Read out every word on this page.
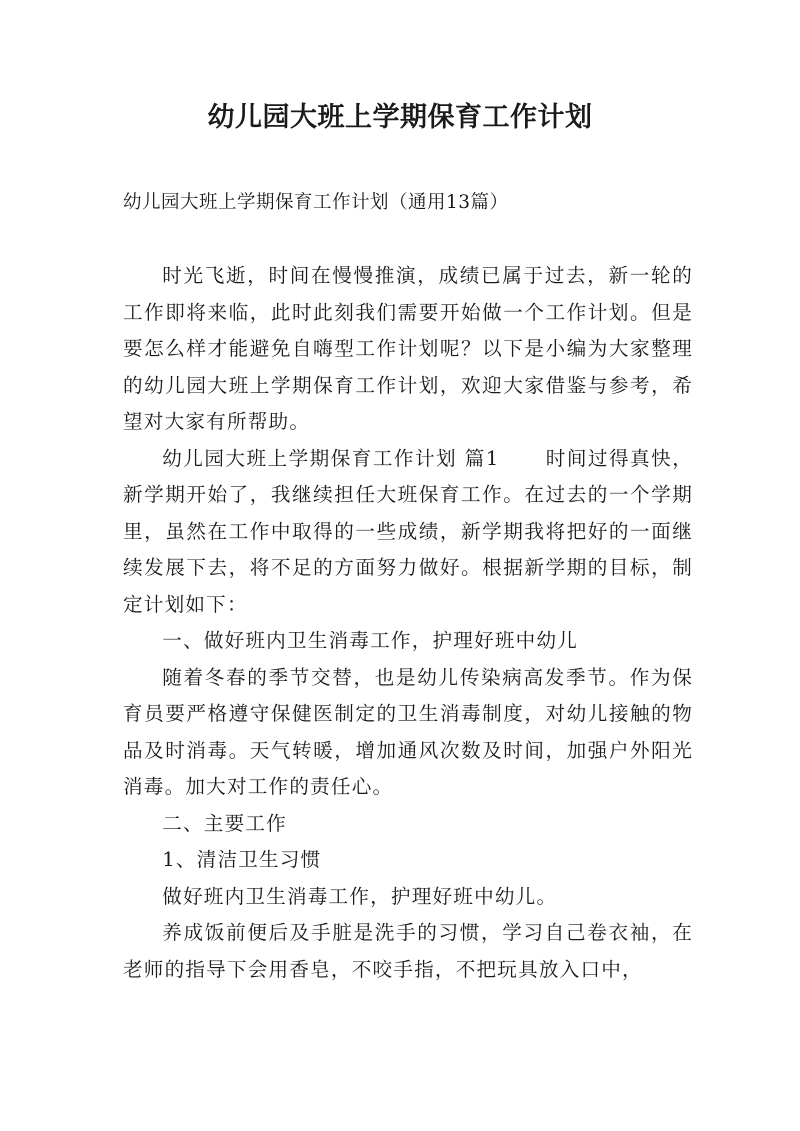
幼儿园大班上学期保育工作计划
幼儿园大班上学期保育工作计划（通用13篇）

时光飞逝，时间在慢慢推演，成绩已属于过去，新一轮的工作即将来临，此时此刻我们需要开始做一个工作计划。但是要怎么样才能避免自嗨型工作计划呢？以下是小编为大家整理的幼儿园大班上学期保育工作计划，欢迎大家借鉴与参考，希望对大家有所帮助。

幼儿园大班上学期保育工作计划 篇1 时间过得真快，新学期开始了，我继续担任大班保育工作。在过去的一个学期里，虽然在工作中取得的一些成绩，新学期我将把好的一面继续发展下去，将不足的方面努力做好。根据新学期的目标，制定计划如下：

一、做好班内卫生消毒工作，护理好班中幼儿

随着冬春的季节交替，也是幼儿传染病高发季节。作为保育员要严格遵守保健医制定的卫生消毒制度，对幼儿接触的物品及时消毒。天气转暖，增加通风次数及时间，加强户外阳光消毒。加大对工作的责任心。

二、主要工作

1、清洁卫生习惯

做好班内卫生消毒工作，护理好班中幼儿。

养成饭前便后及手脏是洗手的习惯，学习自己卷衣袖，在老师的指导下会用香皂，不咬手指，不把玩具放入口中，
